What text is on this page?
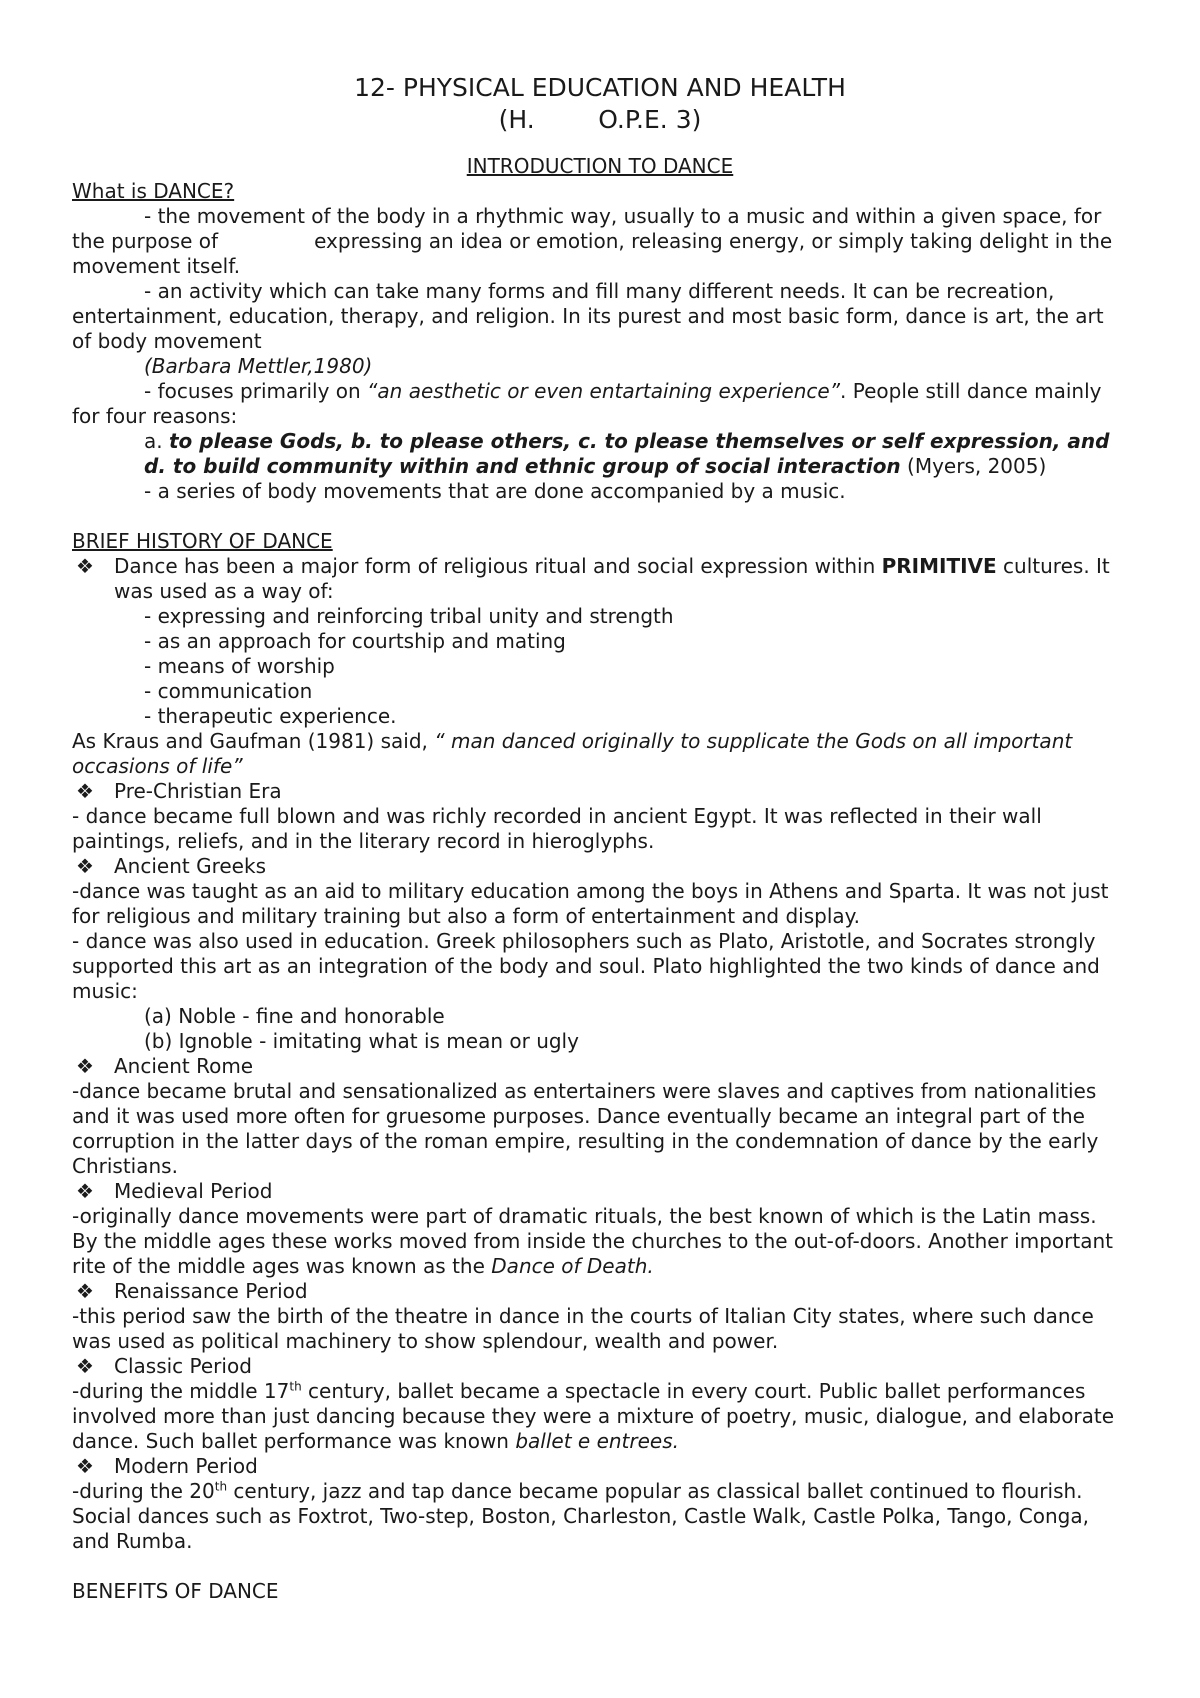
12- PHYSICAL EDUCATION AND HEALTH
(H.        O.P.E. 3)
INTRODUCTION TO DANCE
What is DANCE?

- the movement of the body in a rhythmic way, usually to a music and within a given space, for the purpose of	expressing an idea or emotion, releasing energy, or simply taking delight in the movement itself.

- an activity which can take many forms and fill many different needs. It can be recreation, entertainment, education, therapy, and religion. In its purest and most basic form, dance is art, the art of body movement

(Barbara Mettler,1980)

- focuses primarily on “an aesthetic or even entartaining experience”. People still dance mainly for four reasons:

a. to please Gods, b. to please others, c. to please themselves or self expression, and d. to build community within and ethnic group of social interaction (Myers, 2005)

- a series of body movements that are done accompanied by a music.

BRIEF HISTORY OF DANCE
❖	Dance has been a major form of religious ritual and social expression within PRIMITIVE cultures. It was used as a way of:
- expressing and reinforcing tribal unity and strength
- as an approach for courtship and mating
- means of worship
- communication
- therapeutic experience.

As Kraus and Gaufman (1981) said, “ man danced originally to supplicate the Gods on all important occasions of life”

❖	Pre-Christian Era

- dance became full blown and was richly recorded in ancient Egypt. It was reflected in their wall paintings, reliefs, and in the literary record in hieroglyphs.

❖	Ancient Greeks

-dance was taught as an aid to military education among the boys in Athens and Sparta. It was not just for religious and military training but also a form of entertainment and display.

- dance was also used in education. Greek philosophers such as Plato, Aristotle, and Socrates strongly supported this art as an integration of the body and soul. Plato highlighted the two kinds of dance and music:

(a) Noble - fine and honorable
(b) Ignoble - imitating what is mean or ugly
❖	Ancient Rome

-dance became brutal and sensationalized as entertainers were slaves and captives from nationalities and it was used more often for gruesome purposes. Dance eventually became an integral part of the corruption in the latter days of the roman empire, resulting in the condemnation of dance by the early Christians.

❖	Medieval Period

-originally dance movements were part of dramatic rituals, the best known of which is the Latin mass. By the middle ages these works moved from inside the churches to the out-of-doors. Another important rite of the middle ages was known as the Dance of Death.

❖	Renaissance Period

-this period saw the birth of the theatre in dance in the courts of Italian City states, where such dance was used as political machinery to show splendour, wealth and power.

❖	Classic Period

-during the middle 17th century, ballet became a spectacle in every court. Public ballet performances involved more than just dancing because they were a mixture of poetry, music, dialogue, and elaborate dance. Such ballet performance was known ballet e entrees.

❖	Modern Period

-during the 20th century, jazz and tap dance became popular as classical ballet continued to flourish. Social dances such as Foxtrot, Two-step, Boston, Charleston, Castle Walk, Castle Polka, Tango, Conga, and Rumba.

BENEFITS OF DANCE
